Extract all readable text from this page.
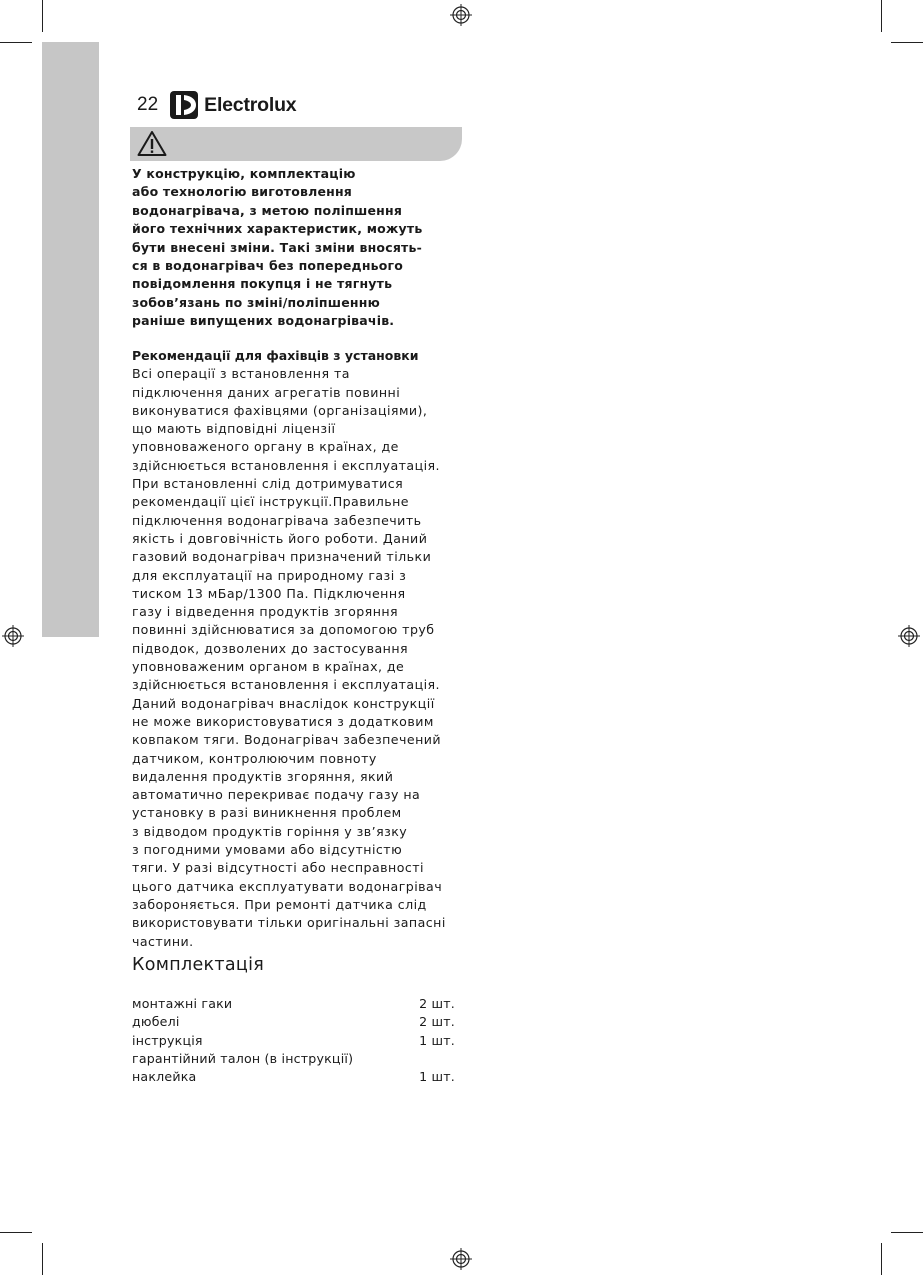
22 Electrolux
У конструкцію, комплектацію
або технологію виготовлення
водонагрівача, з метою поліпшення
його технічних характеристик, можуть
бути внесені зміни. Такі зміни вносять-
ся в водонагрівач без попереднього
повідомлення покупця і не тягнуть
зобов’язань по зміні/поліпшенню
раніше випущених водонагрівачів.

Рекомендації для фахівців з установки

Всі операції з встановлення та
підключення даних агрегатів повинні
виконуватися фахівцями (організаціями),
що мають відповідні ліцензії
уповноваженого органу в країнах, де
здійснюється встановлення і експлуатація.
При встановленні слід дотримуватися
рекомендації цієї інструкції.Правильне
підключення водонагрівача забезпечить
якість і довговічність його роботи. Даний
газовий водонагрівач призначений тільки
для експлуатації на природному газі з
тиском 13 мБар/1300 Па. Підключення
газу і відведення продуктів згоряння
повинні здійснюватися за допомогою труб
підводок, дозволених до застосування
уповноваженим органом в країнах, де
здійснюється встановлення і експлуатація.
Даний водонагрівач внаслідок конструкції
не може використовуватися з додатковим
ковпаком тяги. Водонагрівач забезпечений
датчиком, контролюючим повноту
видалення продуктів згоряння, який
автоматично перекриває подачу газу на
установку в разі виникнення проблем
з відводом продуктів горіння у зв’язку
з погодними умовами або відсутністю
тяги. У разі відсутності або несправності
цього датчика експлуатувати водонагрівач
забороняється. При ремонті датчика слід
використовувати тільки оригінальні запасні
частини.
Комплектація
монтажні гаки	2 шт.
дюбелі	2 шт.
інструкція	1 шт.
гарантійний талон (в інструкції)
наклейка	1 шт.
